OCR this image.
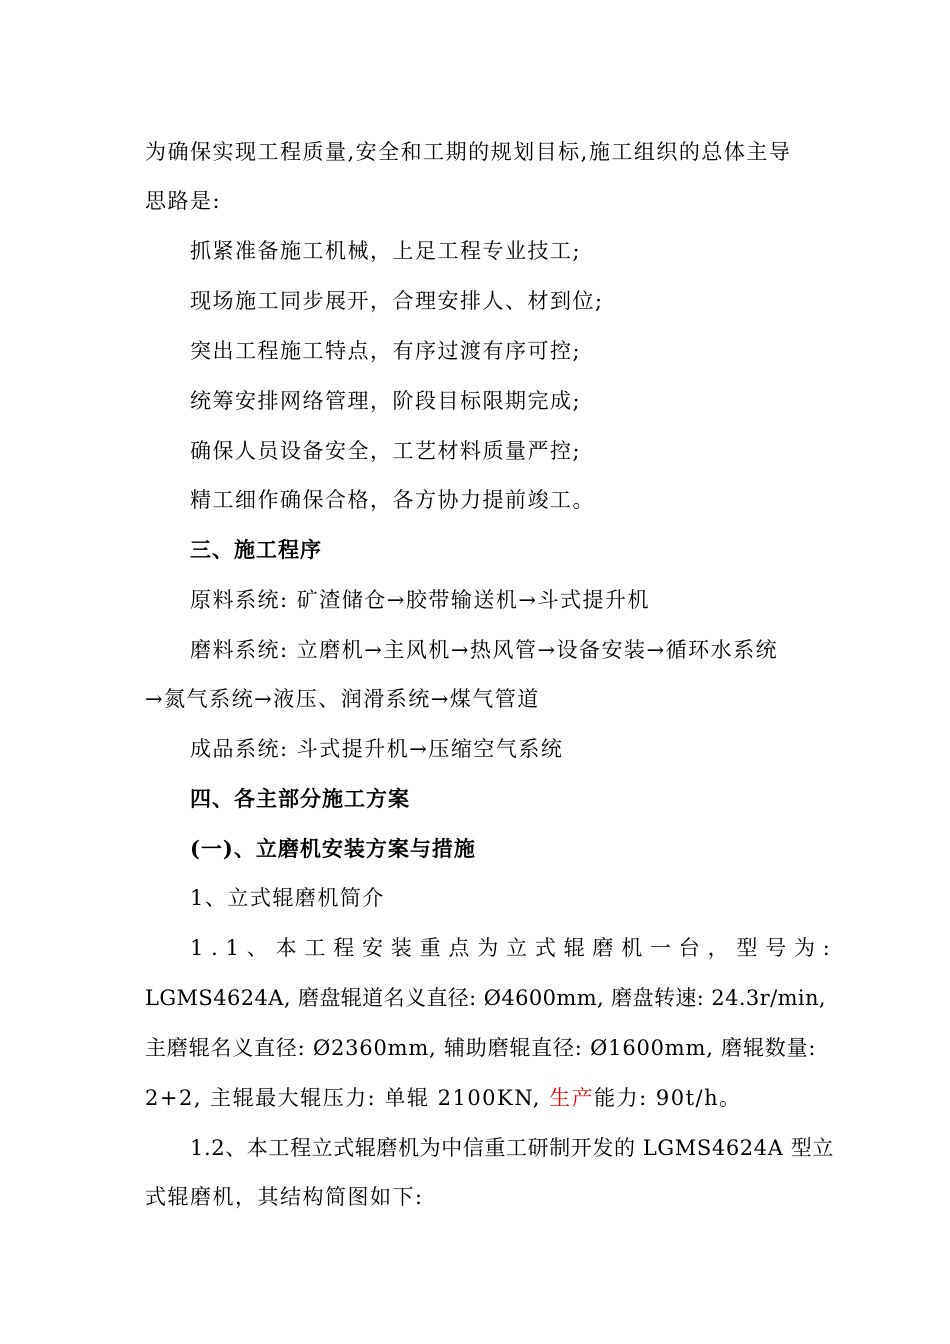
为确保实现工程质量,安全和工期的规划目标,施工组织的总体主导
思路是:
抓紧准备施工机械，上足工程专业技工;
现场施工同步展开，合理安排人、材到位;
突出工程施工特点，有序过渡有序可控;
统筹安排网络管理，阶段目标限期完成;
确保人员设备安全，工艺材料质量严控;
精工细作确保合格，各方协力提前竣工。
三、施工程序
原料系统: 矿渣储仓→胶带输送机→斗式提升机
磨料系统: 立磨机→主风机→热风管→设备安装→循环水系统
→氮气系统→液压、润滑系统→煤气管道
成品系统: 斗式提升机→压缩空气系统
四、各主部分施工方案
(一)、立磨机安装方案与措施
1、立式辊磨机简介
1.1、本工程安装重点为立式辊磨机一台，型号为:
LGMS4624A, 磨盘辊道名义直径: Ø4600mm, 磨盘转速: 24.3r/min,
主磨辊名义直径: Ø2360mm, 辅助磨辊直径: Ø1600mm, 磨辊数量:
2+2, 主辊最大辊压力: 单辊 2100KN, 生产能力: 90t/h。
1.2、本工程立式辊磨机为中信重工研制开发的 LGMS4624A 型立
式辊磨机，其结构简图如下:
